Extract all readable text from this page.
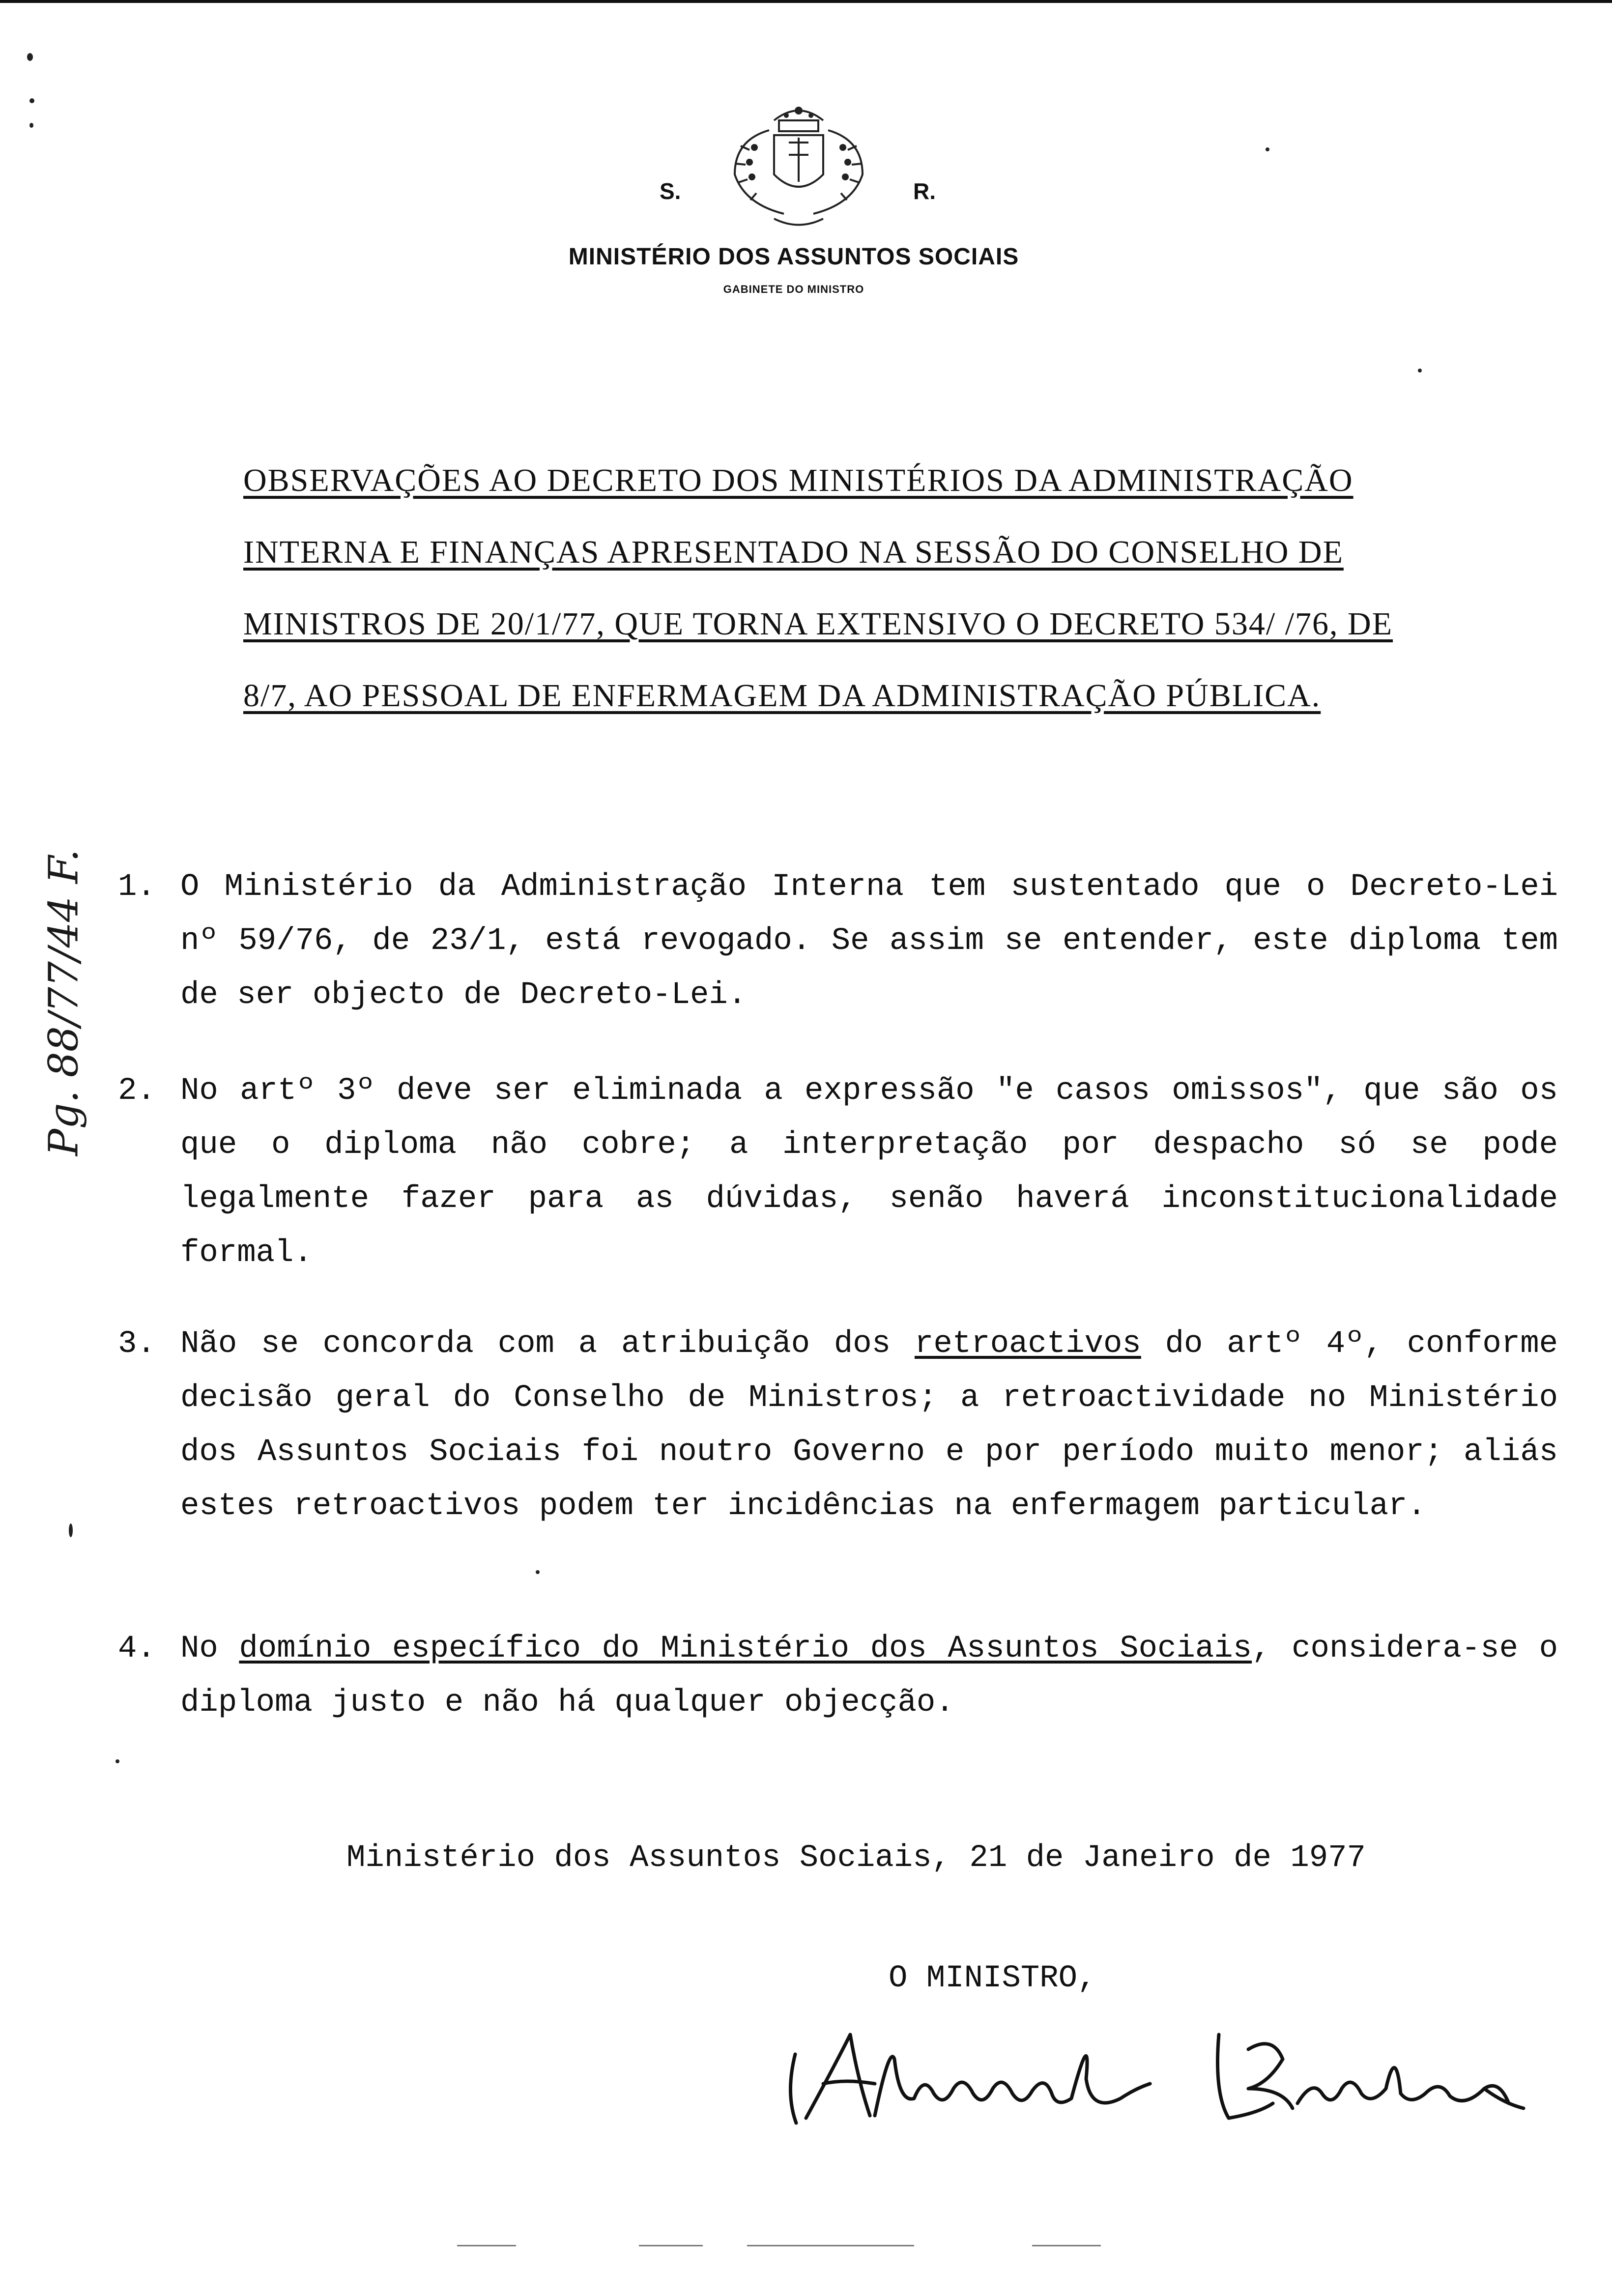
S.	R.
MINISTÉRIO DOS ASSUNTOS SOCIAIS
GABINETE DO MINISTRO
OBSERVAÇÕES AO DECRETO DOS MINISTÉRIOS DA ADMINISTRAÇÃO INTERNA E FINANÇAS APRESENTADO NA SESSÃO DO CONSELHO DE MINISTROS DE 20/1/77, QUE TORNA EXTENSIVO O DECRETO 534/ /76, DE 8/7, AO PESSOAL DE ENFERMAGEM DA ADMINISTRAÇÃO PÚBLICA.
1. O Ministério da Administração Interna tem sustentado que o Decreto-Lei nº 59/76, de 23/1, está revogado. Se assim se entender, este diploma tem de ser objecto de Decreto-Lei.
2. No artº 3º deve ser eliminada a expressão "e casos omissos", que são os que o diploma não cobre; a interpretação por despacho só se pode legalmente fazer para as dúvidas, senão haverá inconstitucionalidade formal.
3. Não se concorda com a atribuição dos retroactivos do artº 4º, conforme decisão geral do Conselho de Ministros; a retroactividade no Ministério dos Assuntos Sociais foi noutro Governo e por período muito menor; aliás estes retroactivos podem ter incidências na enfermagem particular.
4. No domínio específico do Ministério dos Assuntos Sociais, considera-se o diploma justo e não há qualquer objecção.
Ministério dos Assuntos Sociais, 21 de Janeiro de 1977
O MINISTRO,
Pg. 88/77/44 F.
